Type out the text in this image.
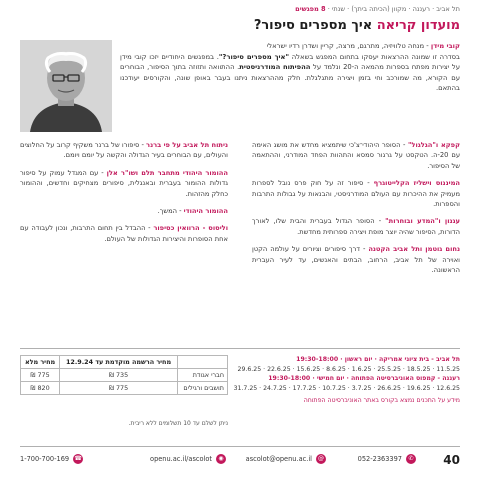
תל אביב · רעננה · מקוון (הכיתה ביתך) · שנתי · 8 מפגשים
מועדון קריאה איך מספרים סיפור?

קובי מידן - מנחה טלוויזיה, מתרגם, מרצה, קריין ושדרן רדיו ישראלי
בסדרה זו שמונה ההרצאות יעסקו בתחום המפגש בשאלה "איך מספרים סיפור?". במפגשים היחודיים יזכו קובי מידן על יצירות מפתח בספרות מהמאה ה-20 ונלמד על ההפיתוח המודרניסטית. ההתוואה ותזוזה בתוך הסיפור, הבוחרים עם הקורא, מה שמורכב וחי בזמן ויצירה מתגלגלת. חלק מההרצאות ניתנו בעבר באופן שונה, והקורסים יעודכנו בהתאם.

קפקא ו"הגלגול" - הסופר היהודי־צ'כי שיתמציא מחדש את מושג האימה עם 20-ה. הטקסט על גרגור סמסא והתהוות הפחד המודרני, וההתאמה של הסיפור.

המיננוס וישליז הקלייטוגרף - סיפור זה על חוק פרס נובל לספרות מעמיק את ההיכרות עם העולם המודרניסטי, והבנאות על גבולות התרבות והספרות.

עגנון ו"המדע ובוחרות" - הסופר הגדול בעברית והבית שלו, לאורך הדורות, הסיפור שהיה יוצר מופת ויצירה ספרותית מחדשת.

נחום גוטמן ותל אביב הקטנה - דרך סיפורים וציורים על עולמה הקטן ואוירה של תל אביב, הרחוב, הבתים והאנשים, עד לעיר העברית הראשונה.

ניתוח תל אביב על פי ברנר - סיפורו של ברנר משקיף קרוב על החלוצים והעולים, עם הבוחרים בעיר הגדולה והקשה על יומם ויומם.

ההומור היהודי מתחבר תלם ושו"ר אלן - עם המגדל עמוק על סיפור גדולות ההומור בעברית ובאנגלית, סיפורים מצחיקים וחדשים, וההומור כחלק מהזהות.

ההומור היהודי - המשך.

וליסוס - הרוואין כסיפור - ההבדל בין תחום התרבות, ונכון לעבודה עם אחת הסופרות והיצירות הגדולות של העולם.

תל אביב - בית ציוני אמריקה · יום ראשון · 19:30-18:00
11.5.25 · 18.5.25 · 25.5.25 · 1.6.25 · 8.6.25 · 15.6.25 · 22.6.25 · 29.6.25
רעננה - קמפוס האוניברסיטה הפתוחה · יום חמישי · 19:30-18:00
12.6.25 · 19.6.25 · 26.6.25 · 3.7.25 · 10.7.25 · 17.7.25 · 24.7.25 · 31.7.25
מידע על התכנים נמצא בקורס באתר האוניברסיטה הפתוחה
	מחיר הרשמה מוקדמת עד 12.9.24	מחיר מלא
חברי אגודת	735 ₪	775 ₪
תושבים ורגילים	775 ₪	820 ₪
ניתן לשלם עד 10 תשלומים ללא ריבית.
40
052-2363397	✆
ascolot@openu.ac.il	@
openu.ac.il/ascolot	◉
1-700-700-169 ☎
